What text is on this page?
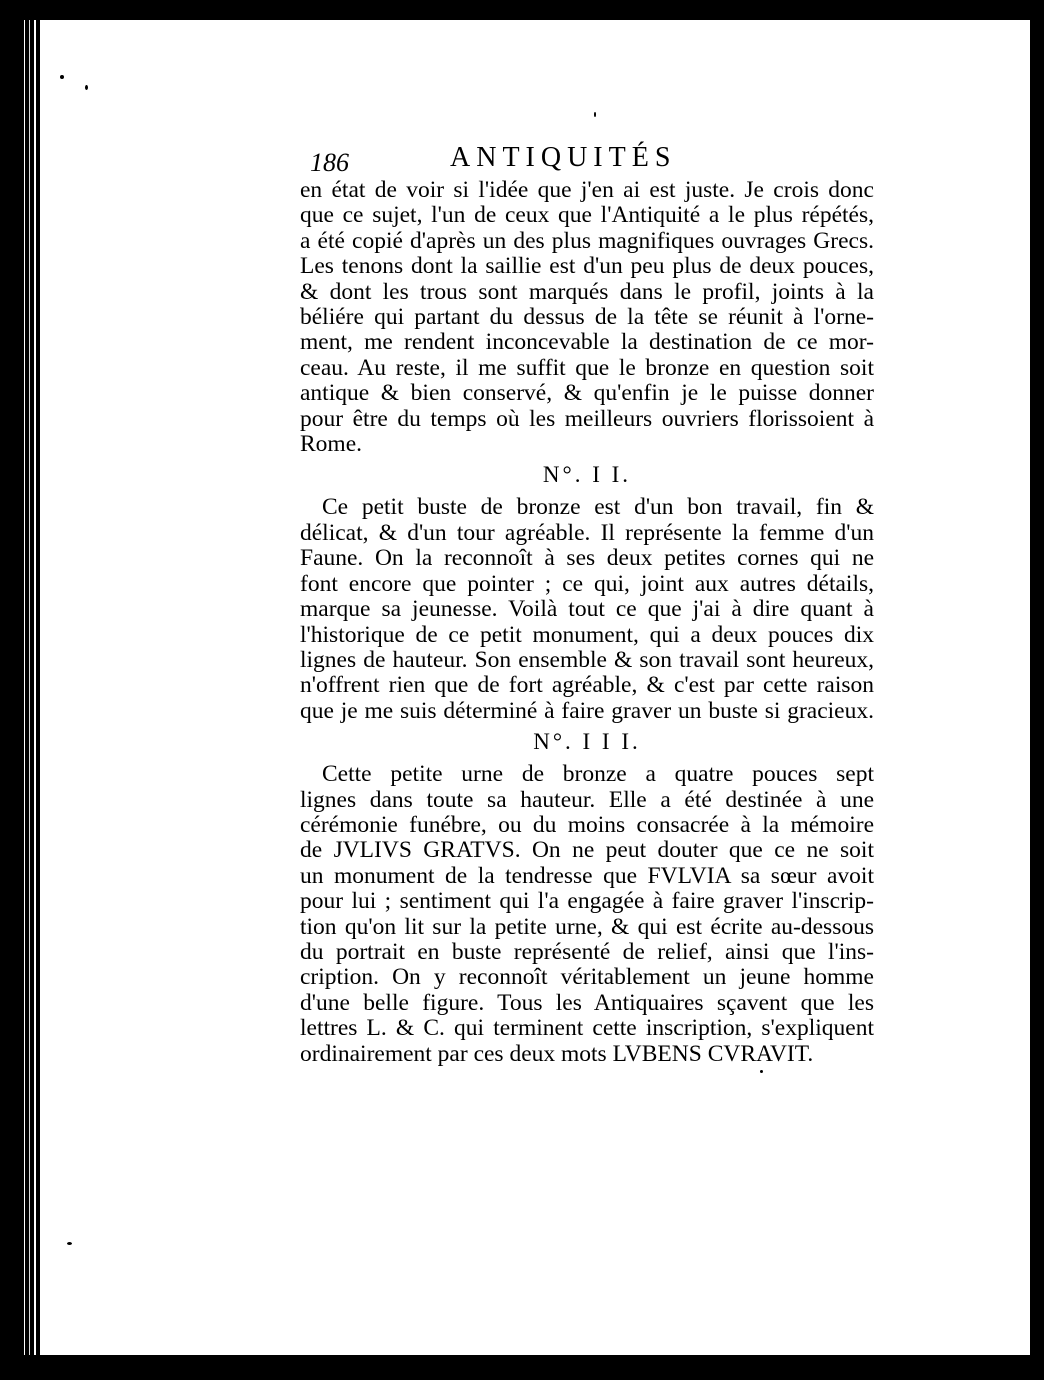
186	ANTIQUITÉS
en état de voir si l'idée que j'en ai est juste. Je crois donc
que ce sujet, l'un de ceux que l'Antiquité a le plus répétés,
a été copié d'après un des plus magnifiques ouvrages Grecs.
Les tenons dont la saillie est d'un peu plus de deux pouces,
& dont les trous sont marqués dans le profil, joints à la
béliére qui partant du dessus de la tête se réunit à l'orne-
ment, me rendent inconcevable la destination de ce mor-
ceau. Au reste, il me suffit que le bronze en question soit
antique & bien conservé, & qu'enfin je le puisse donner
pour être du temps où les meilleurs ouvriers florissoient à
Rome.
N°. I I.
Ce petit buste de bronze est d'un bon travail, fin &
délicat, & d'un tour agréable. Il représente la femme d'un
Faune. On la reconnoît à ses deux petites cornes qui ne
font encore que pointer ; ce qui, joint aux autres détails,
marque sa jeunesse. Voilà tout ce que j'ai à dire quant à
l'historique de ce petit monument, qui a deux pouces dix
lignes de hauteur. Son ensemble & son travail sont heureux,
n'offrent rien que de fort agréable, & c'est par cette raison
que je me suis déterminé à faire graver un buste si gracieux.
N°. I I I.
Cette petite urne de bronze a quatre pouces sept
lignes dans toute sa hauteur. Elle a été destinée à une
cérémonie funébre, ou du moins consacrée à la mémoire
de JVLIVS GRATVS. On ne peut douter que ce ne soit
un monument de la tendresse que FVLVIA sa sœur avoit
pour lui ; sentiment qui l'a engagée à faire graver l'inscrip-
tion qu'on lit sur la petite urne, & qui est écrite au-dessous
du portrait en buste représenté de relief, ainsi que l'ins-
cription. On y reconnoît véritablement un jeune homme
d'une belle figure. Tous les Antiquaires sçavent que les
lettres L. & C. qui terminent cette inscription, s'expliquent
ordinairement par ces deux mots LVBENS CVRAVIT.
